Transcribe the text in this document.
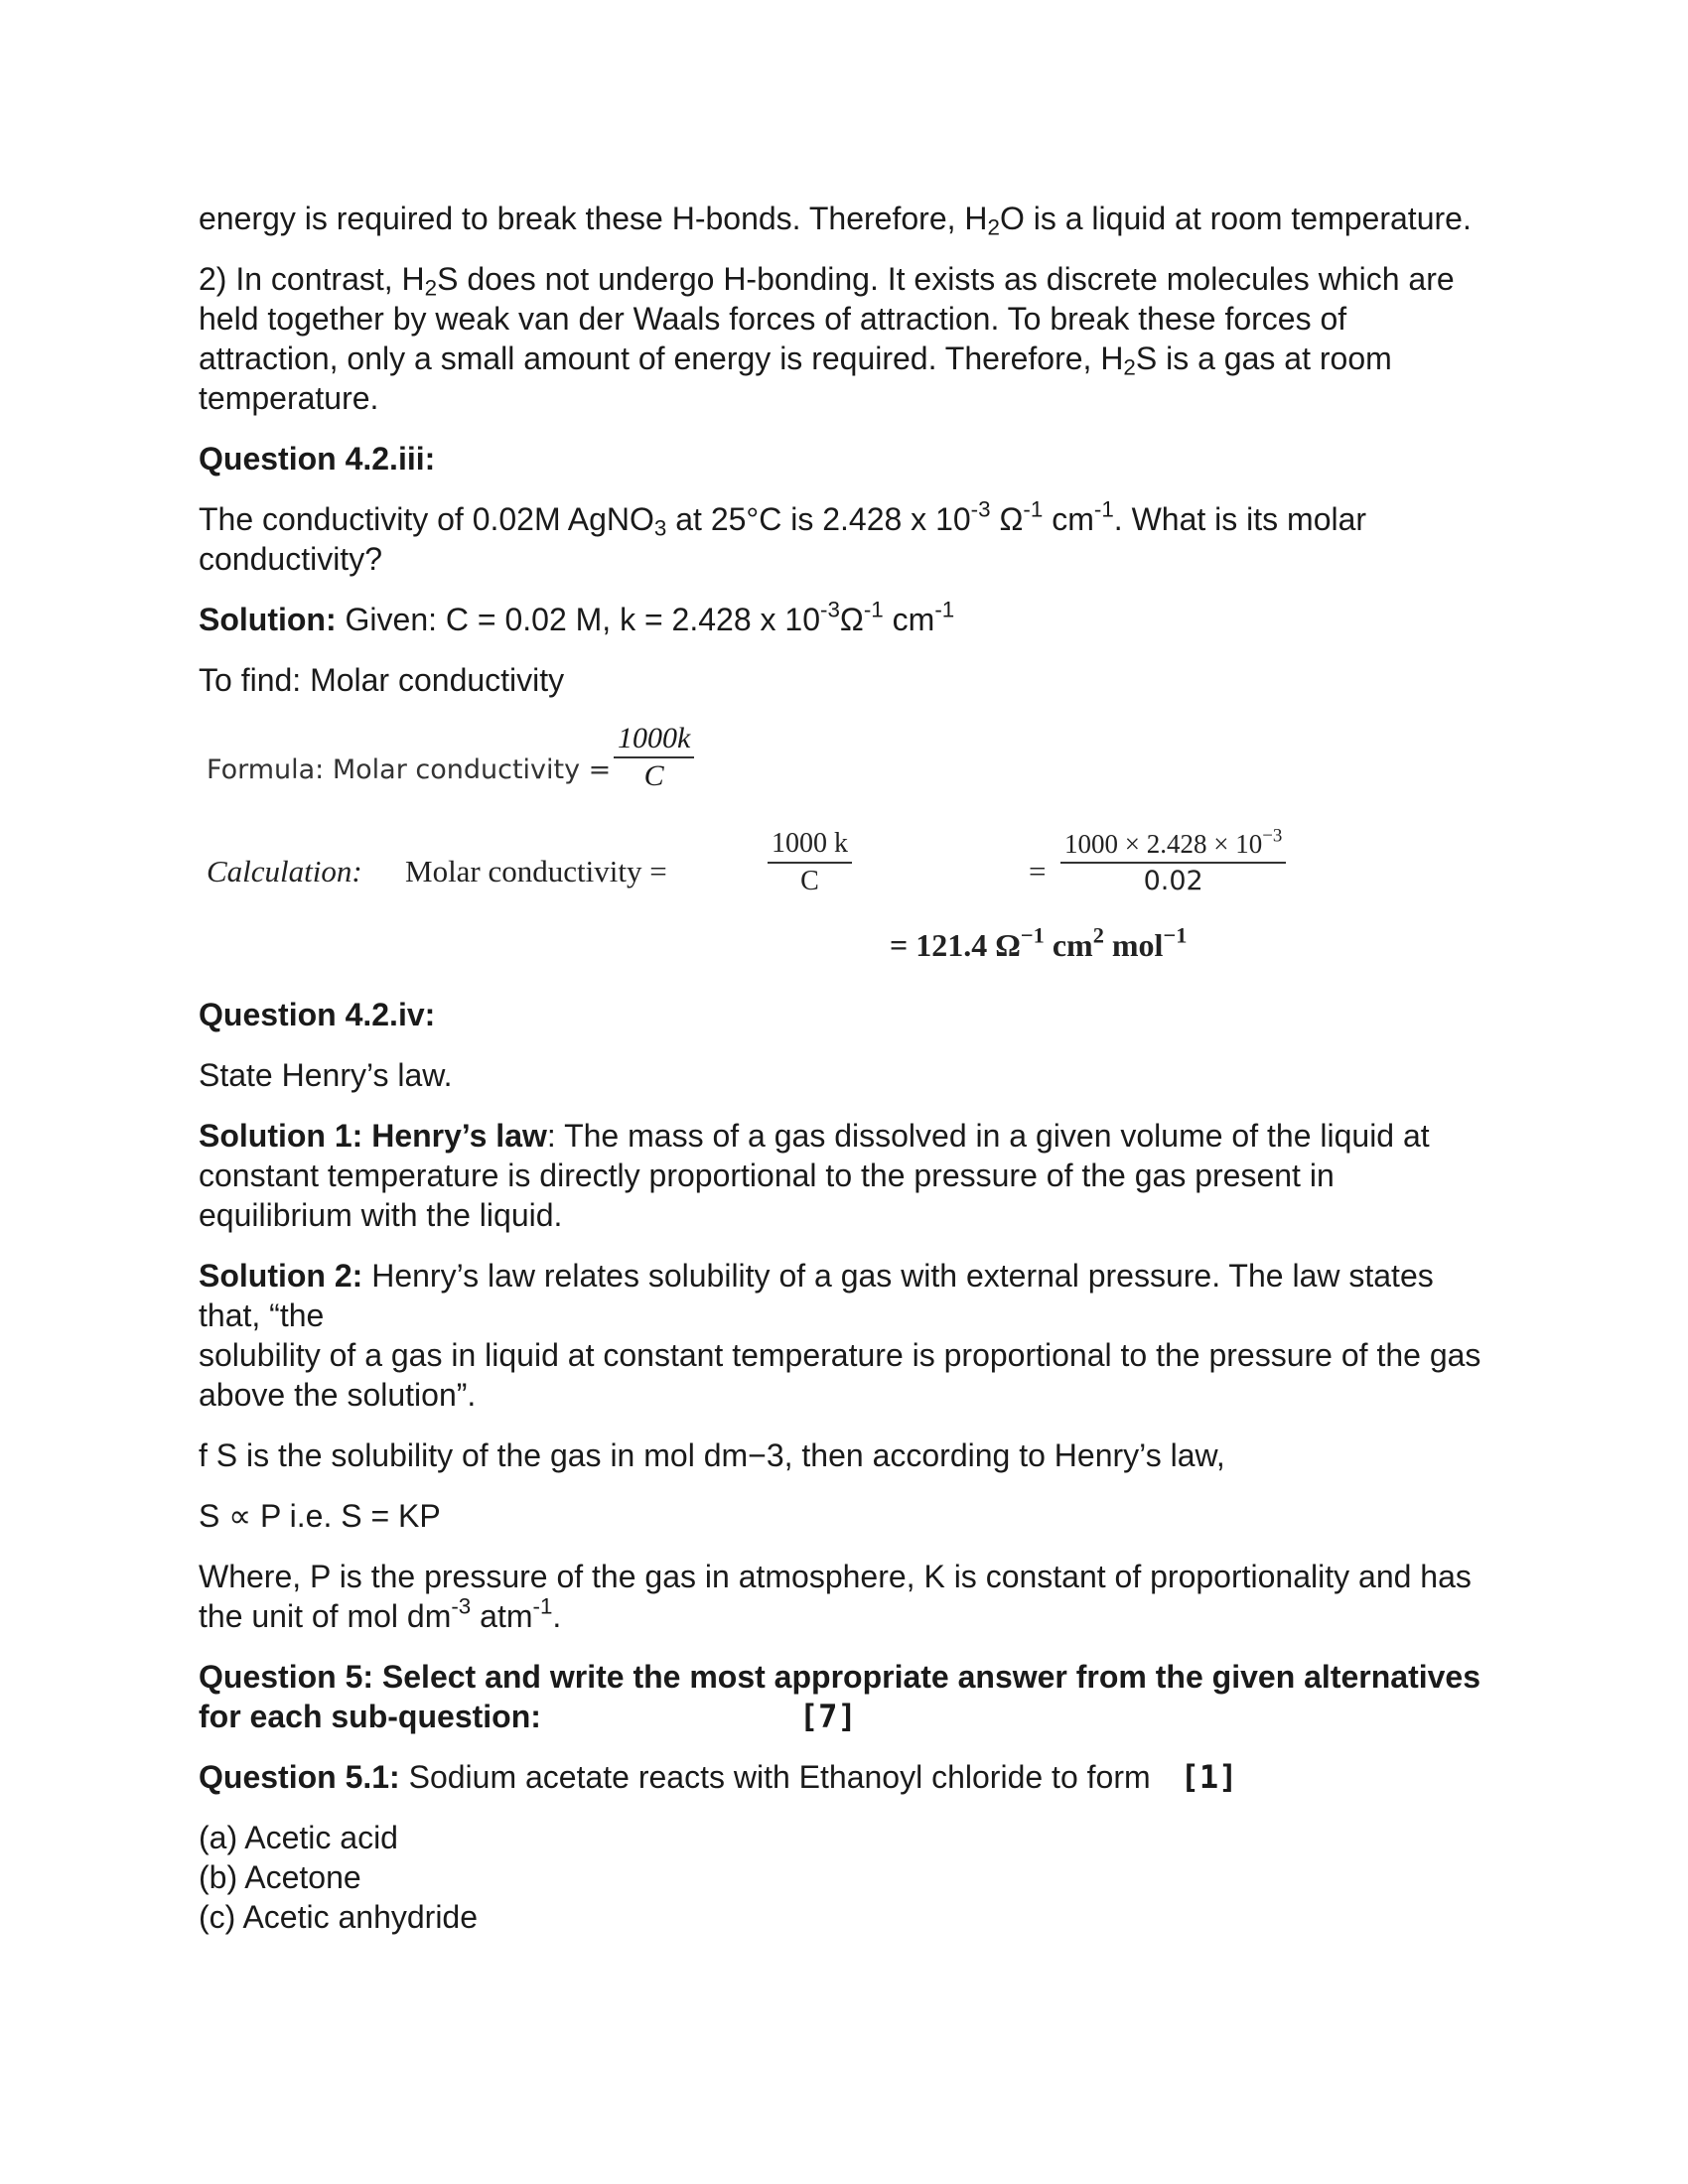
energy is required to break these H-bonds. Therefore, $H_2O$ is a liquid at room temperature.

2) In contrast, $H_2S$ does not undergo H-bonding. It exists as discrete molecules which are held together by weak van der Waals forces of attraction. To break these forces of attraction, only a small amount of energy is required. Therefore, $H_2S$ is a gas at room temperature.

Question 4.2.iii:

The conductivity of 0.02M AgNO$_3$ at 25°C is 2.428 x $10^{-3}$ $\Omega^{-1}$ $cm^{-1}$. What is its molar conductivity?

Solution: Given: C = 0.02 M, k = 2.428 x $10^{-3}\Omega^{-1}$ $cm^{-1}$

To find: Molar conductivity

Formula: Molar conductivity = $\frac{1000k}{C}$
Calculation: Molar conductivity =	$\frac{1000 k}{C}$	= $\frac{1000 \times 2.428 \times 10^{-3}}{0.02}$
= 121.4 $\Omega^{-1}$ $cm^2$ mol$^{-1}$

Question 4.2.iv:

State Henry’s law.

Solution 1: Henry’s law: The mass of a gas dissolved in a given volume of the liquid at constant temperature is directly proportional to the pressure of the gas present in equilibrium with the liquid.

Solution 2: Henry’s law relates solubility of a gas with external pressure. The law states that, “the
solubility of a gas in liquid at constant temperature is proportional to the pressure of the gas above the solution”.

f S is the solubility of the gas in mol dm−3, then according to Henry’s law,

S ∝ P i.e. S = KP

Where, P is the pressure of the gas in atmosphere, K is constant of proportionality and has the unit of mol $dm^{-3}$ atm$^{-1}$.

Question 5: Select and write the most appropriate answer from the given alternatives for each sub-question:	[7]

Question 5.1: Sodium acetate reacts with Ethanoyl chloride to form [1]

(a) Acetic acid

(b) Acetone

(c) Acetic anhydride
